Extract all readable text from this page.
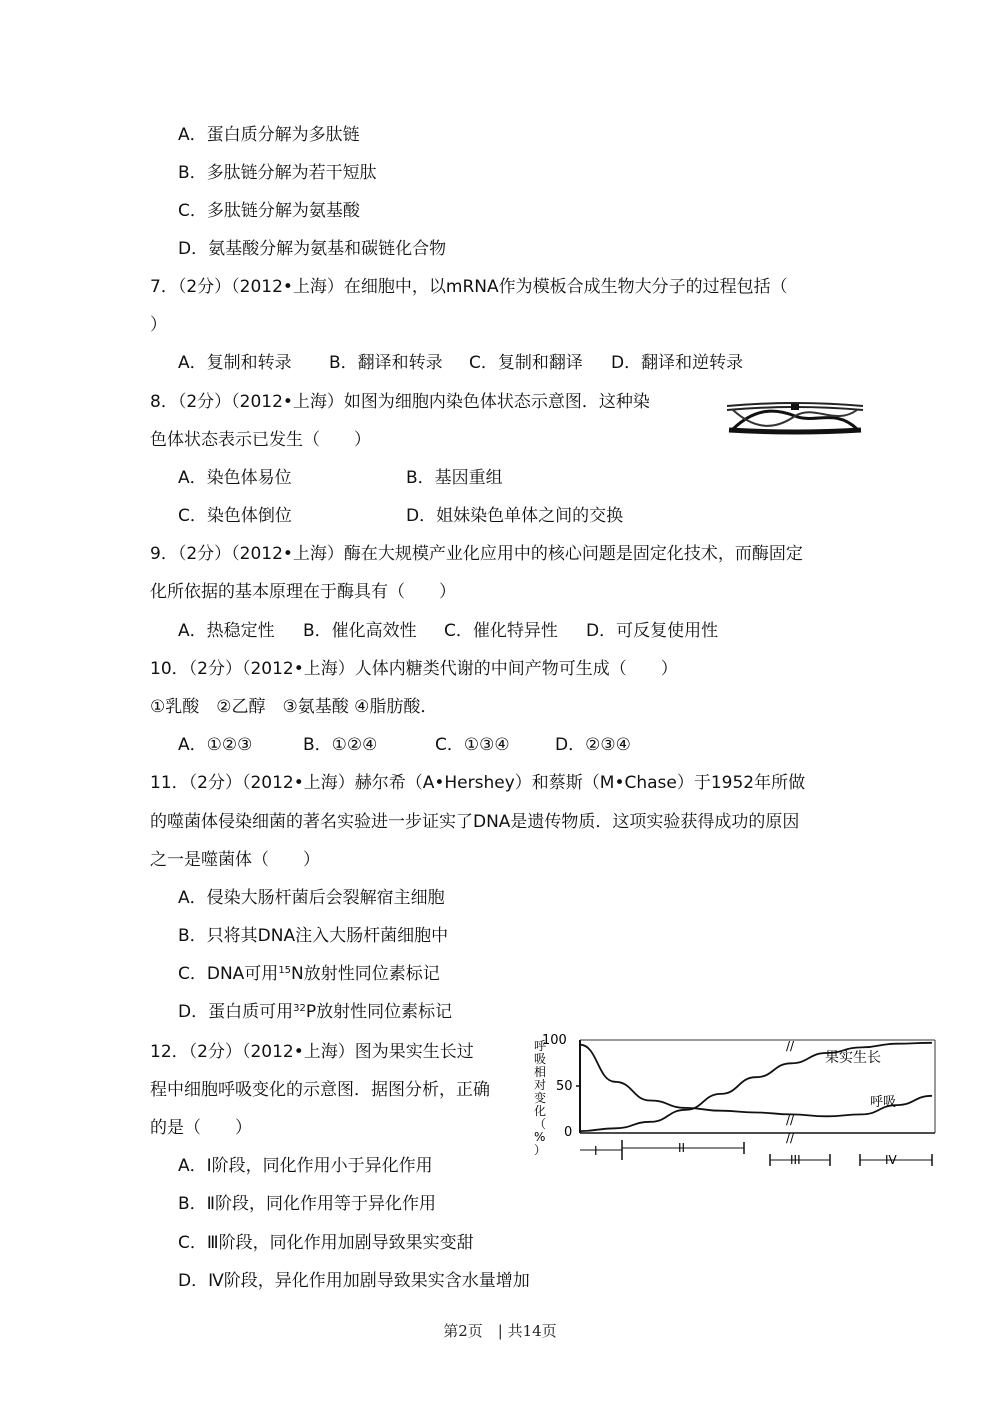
A．蛋白质分解为多肽链
B．多肽链分解为若干短肽
C．多肽链分解为氨基酸
D．氨基酸分解为氨基和碳链化合物
7．（2分）（2012•上海）在细胞中，以mRNA作为模板合成生物大分子的过程包括（
）
A．复制和转录 B．翻译和转录 C．复制和翻译 D．翻译和逆转录
8．（2分）（2012•上海）如图为细胞内染色体状态示意图．这种染
色体状态表示已发生（　　）
A．染色体易位	B．基因重组
C．染色体倒位	D．姐妹染色单体之间的交换
9．（2分）（2012•上海）酶在大规模产业化应用中的核心问题是固定化技术，而酶固定
化所依据的基本原理在于酶具有（　　）
A．热稳定性 B．催化高效性 C．催化特异性 D．可反复使用性
10．（2分）（2012•上海）人体内糖类代谢的中间产物可生成（　　）
①乳酸　②乙醇　③氨基酸 ④脂肪酸．
A．①②③	B．①②④	C．①③④	D．②③④
11．（2分）（2012•上海）赫尔希（A•Hershey）和蔡斯（M•Chase）于1952年所做
的噬菌体侵染细菌的著名实验进一步证实了DNA是遗传物质．这项实验获得成功的原因
之一是噬菌体（　　）
A．侵染大肠杆菌后会裂解宿主细胞
B．只将其DNA注入大肠杆菌细胞中
C．DNA可用$^{15}$N放射性同位素标记
D．蛋白质可用$^{32}$P放射性同位素标记
12．（2分）（2012•上海）图为果实生长过
程中细胞呼吸变化的示意图．据图分析，正确
的是（　　）
A．Ⅰ阶段，同化作用小于异化作用
B．Ⅱ阶段，同化作用等于异化作用
C．Ⅲ阶段，同化作用加剧导致果实变甜
D．Ⅳ阶段，异化作用加剧导致果实含水量增加
呼吸相对变化（%）
100
50
0
//
//
//
果实生长
呼吸
I	II
III	IV
第2页　| 共14页
